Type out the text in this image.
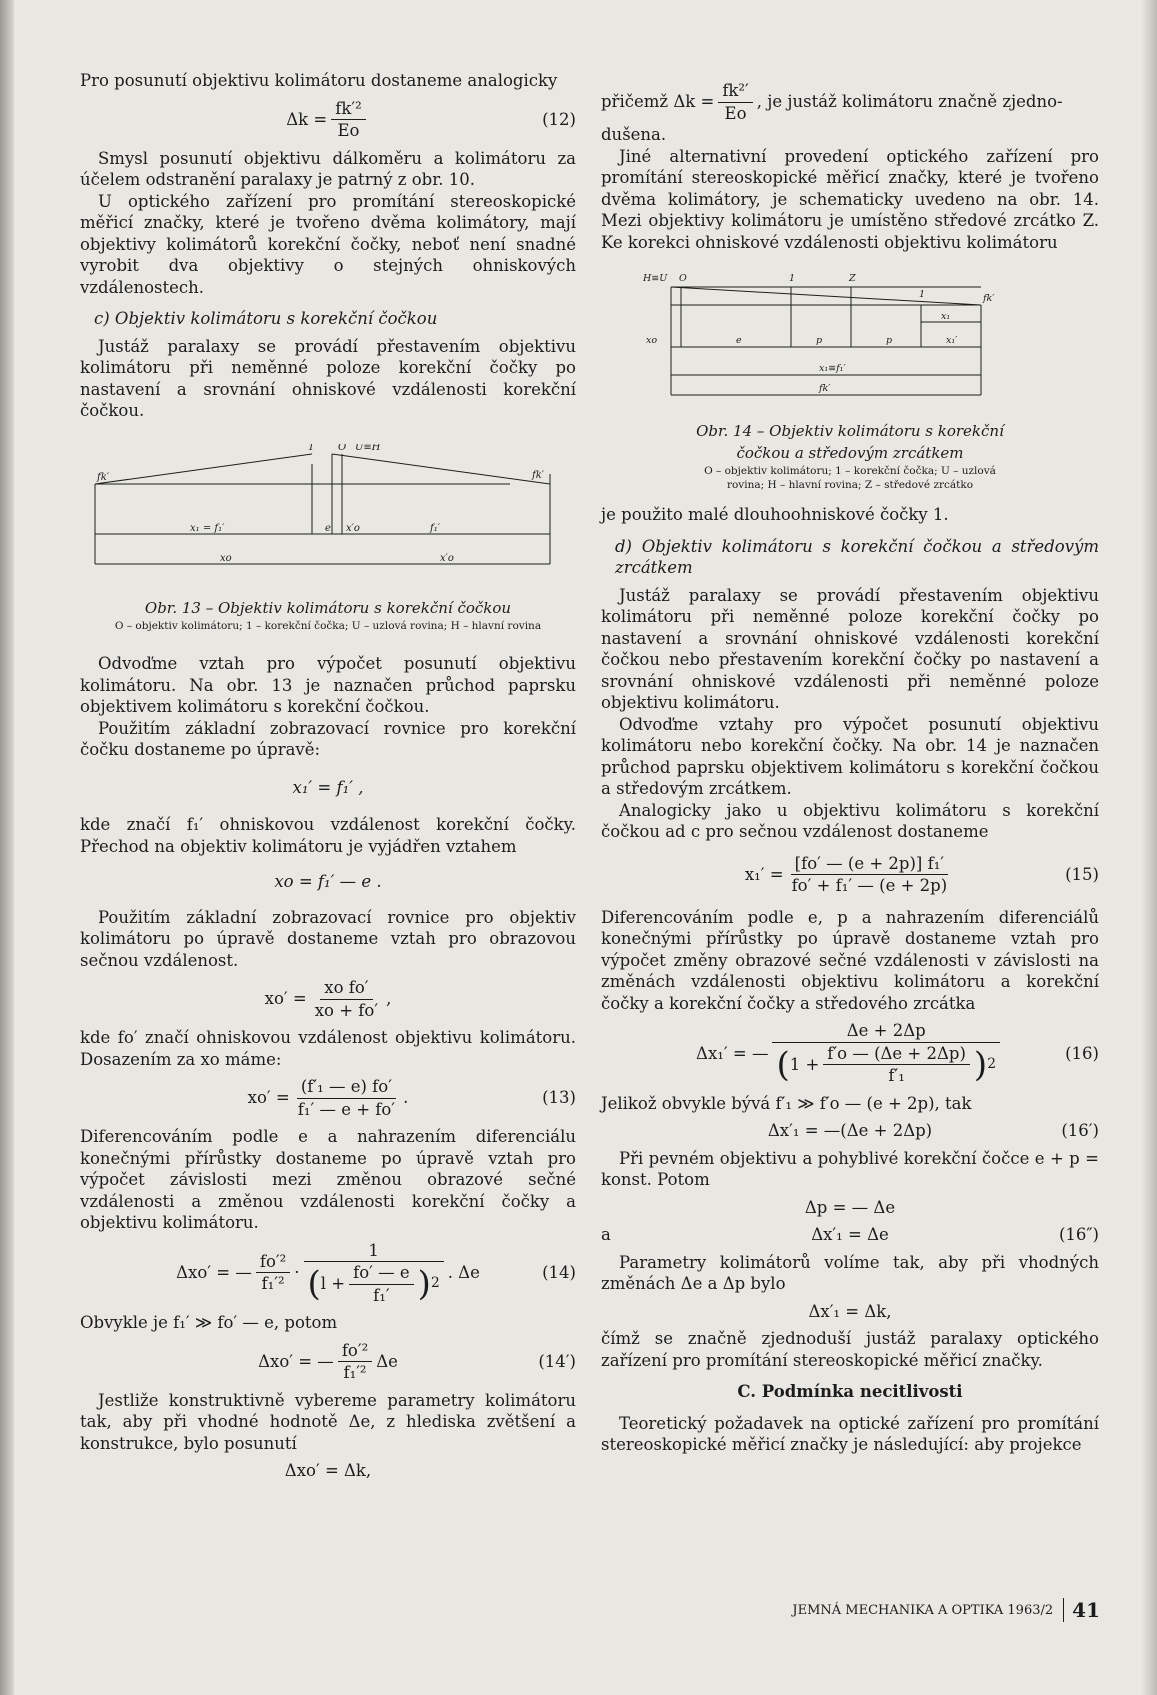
Pro posunutí objektivu kolimátoru dostaneme analogicky

$\Delta k = \frac{\text{fk′²}}{Eo}$	(12)

Smysl posunutí objektivu dálkoměru a kolimátoru za účelem odstranění paralaxy je patrný z obr. 10.

U optického zařízení pro promítání stereoskopické měřicí značky, které je tvořeno dvěma kolimátory, mají objektivy kolimátorů korekční čočky, neboť není snadné vyrobit dva objektivy o stejných ohniskových vzdálenostech.

c) Objektiv kolimátoru s korekční čočkou

Justáž paralaxy se provádí přestavením objektivu kolimátoru při neměnné poloze korekční čočky po nastavení a srovnání ohniskové vzdálenosti korekční čočkou.

1 O U≡H
fk′	fk′
x₁ = f₁′	e x′o	f₁′
xo	x′o
Obr. 13 – Objektiv kolimátoru s korekční čočkou
O – objektiv kolimátoru; 1 – korekční čočka; U – uzlová rovina; H – hlavní rovina

Odvoďme vztah pro výpočet posunutí objektivu kolimátoru. Na obr. 13 je naznačen průchod paprsku objektivem kolimátoru s korekční čočkou.

Použitím základní zobrazovací rovnice pro korekční čočku dostaneme po úpravě:

x₁′ = f₁′ ,

kde značí f₁′ ohniskovou vzdálenost korekční čočky. Přechod na objektiv kolimátoru je vyjádřen vztahem

xo = f₁′ — e .

Použitím základní zobrazovací rovnice pro objektiv kolimátoru po úpravě dostaneme vztah pro obrazovou sečnou vzdálenost.

$xo' = \frac{\text{xo fo′}}{xo + fo'}$ ,

kde fo′ značí ohniskovou vzdálenost objektivu kolimátoru. Dosazením za xo máme:

$xo' = \frac{\text{(f′₁ — e) fo′}}{\text{f₁′ — e + fo′}}$ .	(13)

Diferencováním podle e a nahrazením diferenciálu konečnými přírůstky dostaneme po úpravě vztah pro výpočet závislosti mezi změnou obrazové sečné vzdálenosti a změnou vzdálenosti korekční čočky a objektivu kolimátoru.

Δxo′ = — $\frac{\text{fo′²}}{\text{f₁′²}} \cdot \frac{1}{( l + \frac{fo' — e}{\text{f₁′}} ) 2}$ . Δe	(14)

Obvykle je f₁′ ≫ fo′ — e, potom

Δxo′ = — $\frac{\text{fo′²}}{\text{f₁′²}}$ Δe	(14′)

Jestliže konstruktivně vybereme parametry kolimátoru tak, aby při vhodné hodnotě Δe, z hlediska zvětšení a konstrukce, bylo posunutí

Δxo′ = Δk,

přičemž $\Delta k = \frac{\text{fk²′}}{Eo}$ , je justáž kolimátoru značně zjedno-

dušena.

Jiné alternativní provedení optického zařízení pro promítání stereoskopické měřicí značky, které je tvořeno dvěma kolimátory, je schematicky uvedeno na obr. 14. Mezi objektivy kolimátoru je umístěno středové zrcátko Z. Ke korekci ohniskové vzdálenosti objektivu kolimátoru

H≡U O	1	Z
1	fk′
x₁
xo	e	p	p	x₁′
x₁≡f₁′
fk′
Obr. 14 – Objektiv kolimátoru s korekční
čočkou a středovým zrcátkem
O – objektiv kolimátoru; 1 – korekční čočka; U – uzlová
rovina; H – hlavní rovina; Z – středové zrcátko

je použito malé dlouhoohniskové čočky 1.

d) Objektiv kolimátoru s korekční čočkou a středovým zrcátkem

Justáž paralaxy se provádí přestavením objektivu kolimátoru při neměnné poloze korekční čočky po nastavení a srovnání ohniskové vzdálenosti korekční čočkou nebo přestavením korekční čočky po nastavení a srovnání ohniskové vzdálenosti při neměnné poloze objektivu kolimátoru.

Odvoďme vztahy pro výpočet posunutí objektivu kolimátoru nebo korekční čočky. Na obr. 14 je naznačen průchod paprsku objektivem kolimátoru s korekční čočkou a středovým zrcátkem.

Analogicky jako u objektivu kolimátoru s korekční čočkou ad c pro sečnou vzdálenost dostaneme

$x_1' = \frac{\text{[fo′ — (e + 2p)] f₁′}}{\text{fo′ + f₁′ — (e + 2p)}}$	(15)

Diferencováním podle e, p a nahrazením diferenciálů konečnými přírůstky po úpravě dostaneme vztah pro výpočet změny obrazové sečné vzdálenosti v závislosti na změnách vzdálenosti objektivu kolimátoru a korekční čočky a korekční čočky a středového zrcátka

Δx₁′ = — $\frac{\Delta e + 2\Delta p}{( 1 + \frac{f'o — (\Delta e + 2\Delta p)}{\text{f′₁}} ) 2}$	(16)

Jelikož obvykle bývá f′₁ ≫ f′o — (e + 2p), tak

Δx′₁ = —(Δe + 2Δp)	(16′)

Při pevném objektivu a pohyblivé korekční čočce e + p = konst. Potom

Δp = — Δe
a	Δx′₁ = Δe	(16″)

Parametry kolimátorů volíme tak, aby při vhodných změnách Δe a Δp bylo

Δx′₁ = Δk,

čímž se značně zjednoduší justáž paralaxy optického zařízení pro promítání stereoskopické měřicí značky.

C. Podmínka necitlivosti

Teoretický požadavek na optické zařízení pro promítání stereoskopické měřicí značky je následující: aby projekce

JEMNÁ MECHANIKA A OPTIKA 1963/2 41
